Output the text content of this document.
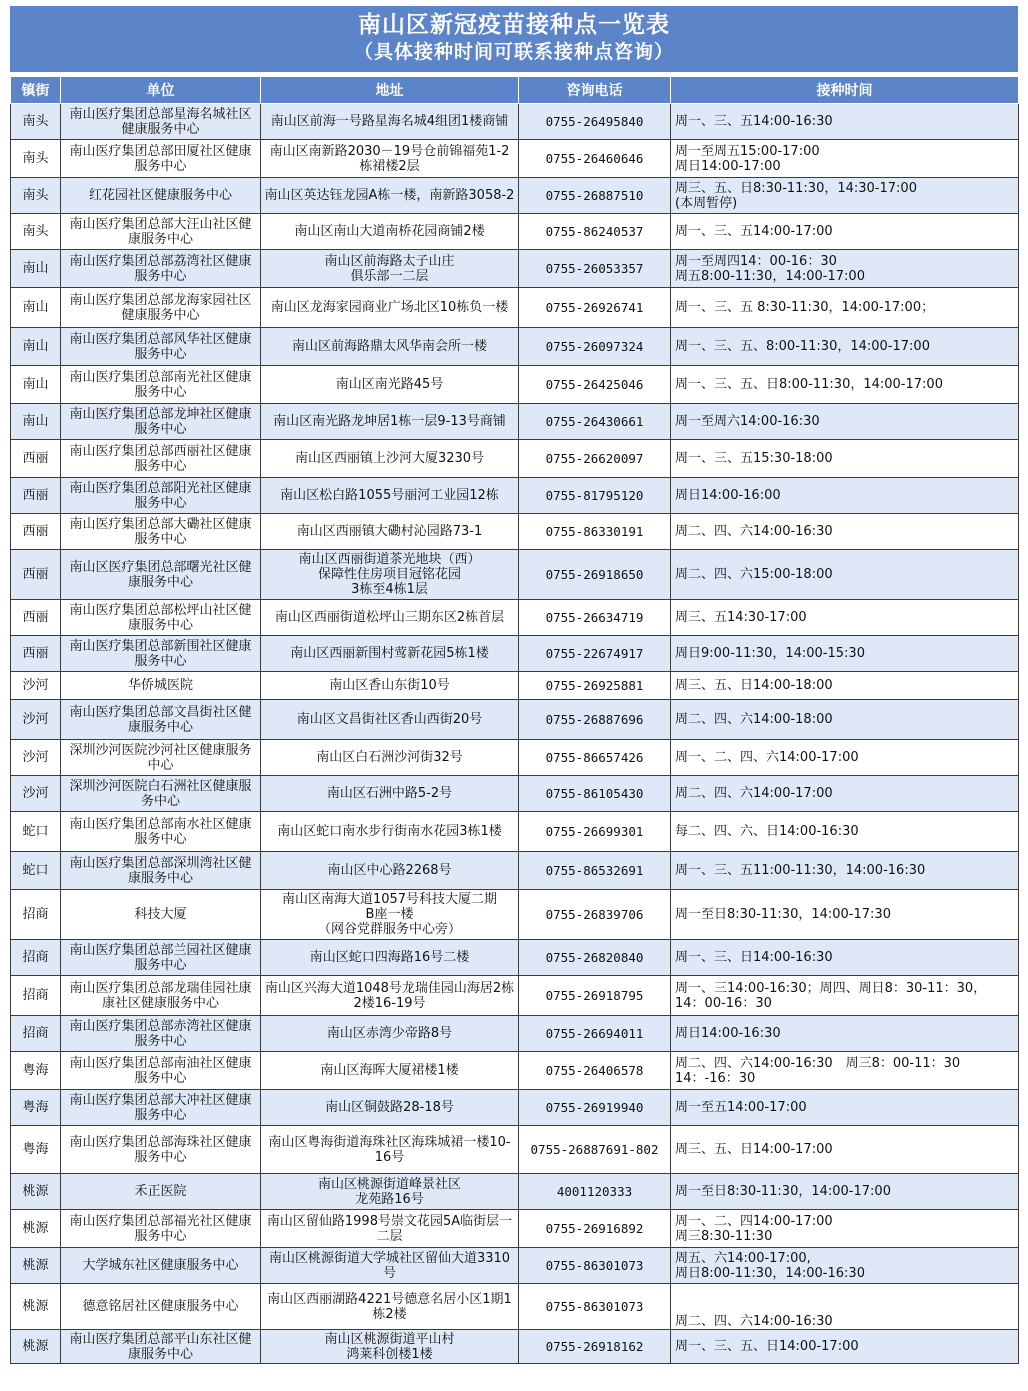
南山区新冠疫苗接种点一览表
（具体接种时间可联系接种点咨询）
镇街	单位	地址	咨询电话	接种时间
南头	南山医疗集团总部星海名城社区健康服务中心	南山区前海一号路星海名城4组团1楼商铺	0755-26495840	周一、三、五14:00-16:30
南头	南山医疗集团总部田厦社区健康服务中心	南山区南新路2030－19号仓前锦福苑1-2栋裙楼2层	0755-26460646	周一至周五15:00-17:00
周日14:00-17:00
南头	红花园社区健康服务中心	南山区英达钰龙园A栋一楼，南新路3058-2	0755-26887510	周三、五、日8:30-11:30，14:30-17:00
(本周暂停)
南头	南山医疗集团总部大汪山社区健康服务中心	南山区南山大道南桥花园商铺2楼	0755-86240537	周一、三、五14:00-17:00
南山	南山医疗集团总部荔湾社区健康服务中心	南山区前海路太子山庄
俱乐部一二层	0755-26053357	周一至周四14：00-16：30
周五8:00-11:30，14:00-17:00
南山	南山医疗集团总部龙海家园社区健康服务中心	南山区龙海家园商业广场北区10栋负一楼	0755-26926741	周一、三、五 8:30-11:30，14:00-17:00；
南山	南山医疗集团总部风华社区健康服务中心	南山区前海路鼎太风华南会所一楼	0755-26097324	周一、三、五、8:00-11:30，14:00-17:00
南山	南山医疗集团总部南光社区健康服务中心	南山区南光路45号	0755-26425046	周一、三、五、日8:00-11:30，14:00-17:00
南山	南山医疗集团总部龙坤社区健康服务中心	南山区南光路龙坤居1栋一层9-13号商铺	0755-26430661	周一至周六14:00-16:30
西丽	南山医疗集团总部西丽社区健康服务中心	南山区西丽镇上沙河大厦3230号	0755-26620097	周一、三、五15:30-18:00
西丽	南山医疗集团总部阳光社区健康服务中心	南山区松白路1055号丽河工业园12栋	0755-81795120	周日14:00-16:00
西丽	南山医疗集团总部大磡社区健康服务中心	南山区西丽镇大磡村沁园路73-1	0755-86330191	周二、四、六14:00-16:30
西丽	南山区医疗集团总部曙光社区健康服务中心	南山区西丽街道茶光地块（西）
保障性住房项目冠铭花园
3栋至4栋1层	0755-26918650	周二、四、六15:00-18:00
西丽	南山医疗集团总部松坪山社区健康服务中心	南山区西丽街道松坪山三期东区2栋首层	0755-26634719	周三、五14:30-17:00
西丽	南山医疗集团总部新围社区健康服务中心	南山区西丽新围村莺新花园5栋1楼	0755-22674917	周日9:00-11:30，14:00-15:30
沙河	华侨城医院	南山区香山东街10号	0755-26925881	周三、五、日14:00-18:00
沙河	南山医疗集团总部文昌街社区健康服务中心	南山区文昌街社区香山西街20号	0755-26887696	周二、四、六14:00-18:00
沙河	深圳沙河医院沙河社区健康服务中心	南山区白石洲沙河街32号	0755-86657426	周一、二、四、六14:00-17:00
沙河	深圳沙河医院白石洲社区健康服务中心	南山区石洲中路5-2号	0755-86105430	周二、四、六14:00-17:00
蛇口	南山医疗集团总部南水社区健康服务中心	南山区蛇口南水步行街南水花园3栋1楼	0755-26699301	每二、四、六、日14:00-16:30
蛇口	南山医疗集团总部深圳湾社区健康服务中心	南山区中心路2268号	0755-86532691	周一、三、五11:00-11:30，14:00-16:30
招商	科技大厦	南山区南海大道1057号科技大厦二期
B座一楼
（网谷党群服务中心旁）	0755-26839706	周一至日8:30-11:30，14:00-17:30
招商	南山医疗集团总部兰园社区健康服务中心	南山区蛇口四海路16号二楼	0755-26820840	周一、三、日14:00-16:30
招商	南山医疗集团总部龙瑞佳园社康康社区健康服务中心	南山区兴海大道1048号龙瑞佳园山海居2栋2楼16-19号	0755-26918795	周一、三14:00-16:30；周四、周日8：30-11：30，14：00-16：30
招商	南山医疗集团总部赤湾社区健康服务中心	南山区赤湾少帝路8号	0755-26694011	周日14:00-16:30
粤海	南山医疗集团总部南油社区健康服务中心	南山区海晖大厦裙楼1楼	0755-26406578	周二、四、六14:00-16:30　周三8：00-11：30　14：-16：30
粤海	南山医疗集团总部大冲社区健康服务中心	南山区铜鼓路28-18号	0755-26919940	周一至五14:00-17:00
粤海	南山医疗集团总部海珠社区健康服务中心	南山区粤海街道海珠社区海珠城裙一楼10-16号	0755-26887691-802	周三、五、日14:00-17:00
桃源	禾正医院	南山区桃源街道峰景社区
龙苑路16号	4001120333	周一至日8:30-11:30，14:00-17:00
桃源	南山医疗集团总部福光社区健康服务中心	南山区留仙路1998号崇文花园5A临街层一二层	0755-26916892	周一、二、四14:00-17:00
周三8:30-11:30
桃源	大学城东社区健康服务中心	南山区桃源街道大学城社区留仙大道3310号	0755-86301073	周五、六14:00-17:00,
周日8:00-11:30，14:00-16:30
桃源	德意铭居社区健康服务中心	南山区西丽湖路4221号德意名居小区1期1栋2楼	0755-86301073	周二、四、六14:00-16:30
桃源	南山医疗集团总部平山东社区健康服务中心	南山区桃源街道平山村
鸿莱科创楼1楼	0755-26918162	周一、三、五、日14:00-17:00
